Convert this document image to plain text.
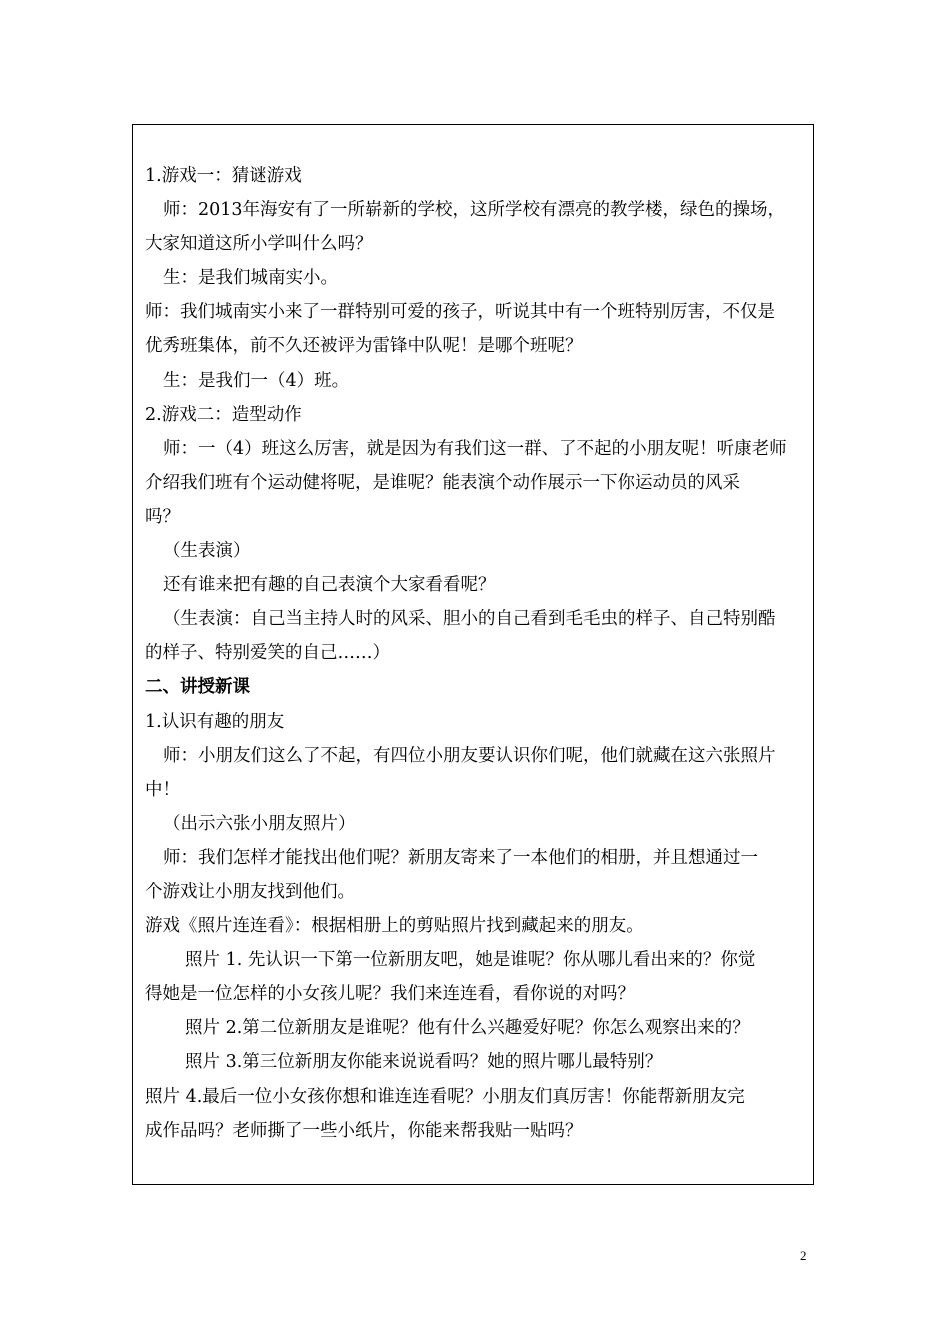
1.游戏一：猜谜游戏
师：2013年海安有了一所崭新的学校，这所学校有漂亮的教学楼，绿色的操场，
大家知道这所小学叫什么吗？
生：是我们城南实小。
师：我们城南实小来了一群特别可爱的孩子，听说其中有一个班特别厉害，不仅是
优秀班集体，前不久还被评为雷锋中队呢！是哪个班呢？
生：是我们一（4）班。
2.游戏二：造型动作
师：一（4）班这么厉害，就是因为有我们这一群、了不起的小朋友呢！听康老师
介绍我们班有个运动健将呢，是谁呢？能表演个动作展示一下你运动员的风采
吗？
（生表演）
还有谁来把有趣的自己表演个大家看看呢？
（生表演：自己当主持人时的风采、胆小的自己看到毛毛虫的样子、自己特别酷
的样子、特别爱笑的自己……）
二、讲授新课
1.认识有趣的朋友
师：小朋友们这么了不起，有四位小朋友要认识你们呢，他们就藏在这六张照片
中！
（出示六张小朋友照片）
师：我们怎样才能找出他们呢？新朋友寄来了一本他们的相册，并且想通过一
个游戏让小朋友找到他们。
游戏《照片连连看》：根据相册上的剪贴照片找到藏起来的朋友。
照片 1. 先认识一下第一位新朋友吧，她是谁呢？你从哪儿看出来的？你觉
得她是一位怎样的小女孩儿呢？我们来连连看，看你说的对吗？
照片 2.第二位新朋友是谁呢？他有什么兴趣爱好呢？你怎么观察出来的？
照片 3.第三位新朋友你能来说说看吗？她的照片哪儿最特别？
照片 4.最后一位小女孩你想和谁连连看呢？小朋友们真厉害！你能帮新朋友完
成作品吗？老师撕了一些小纸片，你能来帮我贴一贴吗？
2
